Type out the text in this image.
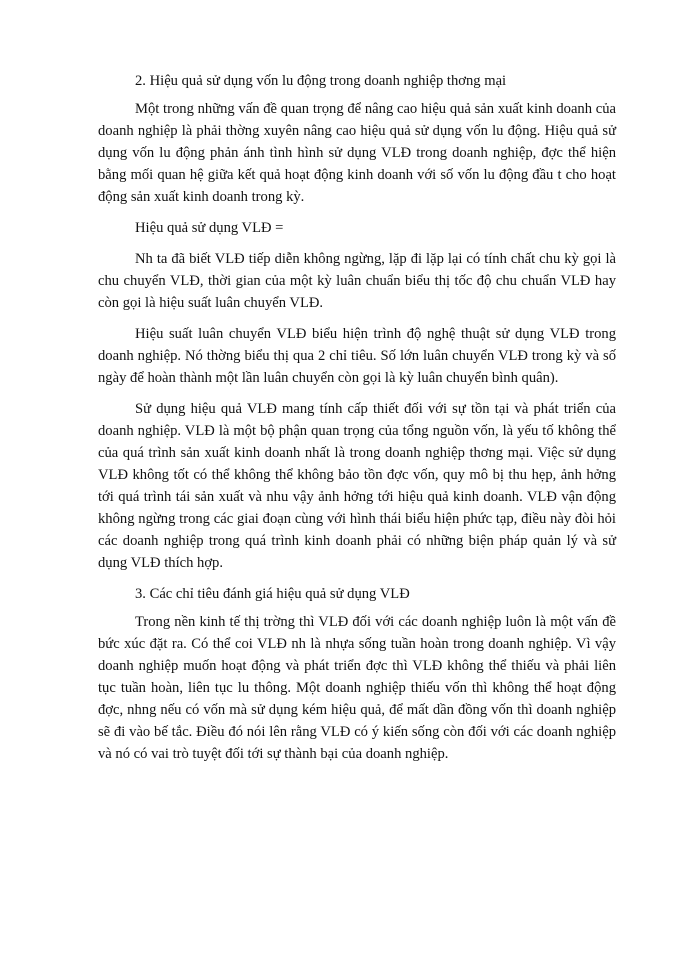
2. Hiệu quả sử dụng vốn lu động trong doanh nghiệp thơng mại

Một trong những vấn đề quan trọng để nâng cao hiệu quả sản xuất kinh doanh của doanh nghiệp là phải thờng xuyên nâng cao hiệu quả sử dụng vốn lu động. Hiệu quả sử dụng vốn lu động phản ánh tình hình sử dụng VLĐ trong doanh nghiệp, đợc thể hiện bằng mối quan hệ giữa kết quả hoạt động kinh doanh với số vốn lu động đầu t cho hoạt động sản xuất kinh doanh trong kỳ.

Hiệu quả sử dụng VLĐ =

Nh ta đã biết VLĐ tiếp diễn không ngừng, lặp đi lặp lại có tính chất chu kỳ gọi là chu chuyển VLĐ, thời gian của một kỳ luân chuẩn biểu thị tốc độ chu chuẩn VLĐ hay còn gọi là hiệu suất luân chuyển VLĐ.

Hiệu suất luân chuyển VLĐ biểu hiện trình độ nghệ thuật sử dụng VLĐ trong doanh nghiệp. Nó thờng biểu thị qua 2 chỉ tiêu. Số lớn luân chuyển VLĐ trong kỳ và số ngày để hoàn thành một lần luân chuyển còn gọi là kỳ luân chuyển bình quân).

Sử dụng hiệu quả VLĐ mang tính cấp thiết đối với sự tồn tại và phát triển của doanh nghiệp. VLĐ là một bộ phận quan trọng của tổng nguồn vốn, là yếu tố không thể của quá trình sản xuất kinh doanh nhất là trong doanh nghiệp thơng mại. Việc sử dụng VLĐ không tốt có thể không thể không bảo tồn đợc vốn, quy mô bị thu hẹp, ảnh hởng tới quá trình tái sản xuất và nhu vậy ảnh hởng tới hiệu quả kinh doanh. VLĐ vận động không ngừng trong các giai đoạn cùng với hình thái biểu hiện phức tạp, điều này đòi hỏi các doanh nghiệp trong quá trình kinh doanh phải có những biện pháp quản lý và sử dụng VLĐ thích hợp.

3. Các chỉ tiêu đánh giá hiệu quả sử dụng VLĐ

Trong nền kinh tế thị trờng thì VLĐ đối với các doanh nghiệp luôn là một vấn đề bức xúc đặt ra. Có thể coi VLĐ nh là nhựa sống tuần hoàn trong doanh nghiệp. Vì vậy doanh nghiệp muốn hoạt động và phát triển đợc thì VLĐ không thể thiếu và phải liên tục tuần hoàn, liên tục lu thông. Một doanh nghiệp thiếu vốn thì không thể hoạt động đợc, nhng nếu có vốn mà sử dụng kém hiệu quả, để mất dần đồng vốn thì doanh nghiệp sẽ đi vào bế tắc. Điều đó nói lên rằng VLĐ có ý kiến sống còn đối với các doanh nghiệp và nó có vai trò tuyệt đối tới sự thành bại của doanh nghiệp.
